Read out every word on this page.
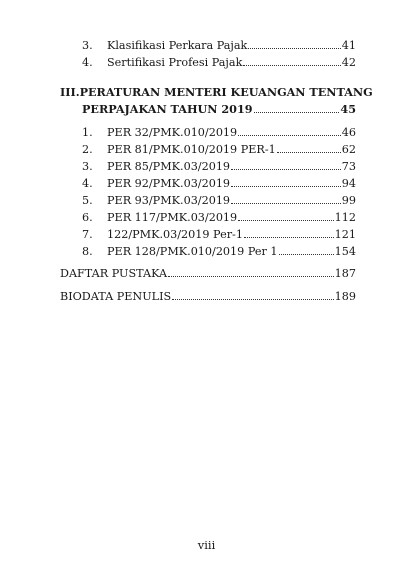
3.	Klasifikasi Perkara Pajak	41
4.	Sertifikasi Profesi Pajak	42
III. PERATURAN MENTERI KEUANGAN TENTANG
PERPAJAKAN TAHUN 2019	45
1.	PER 32/PMK.010/2019	46
2.	PER 81/PMK.010/2019 PER-1	62
3.	PER 85/PMK.03/2019	73
4.	PER 92/PMK.03/2019	94
5.	PER 93/PMK.03/2019	99
6.	PER 117/PMK.03/2019	112
7.	122/PMK.03/2019 Per-1	121
8.	PER 128/PMK.010/2019 Per 1	154
DAFTAR PUSTAKA	187
BIODATA PENULIS	189
viii
